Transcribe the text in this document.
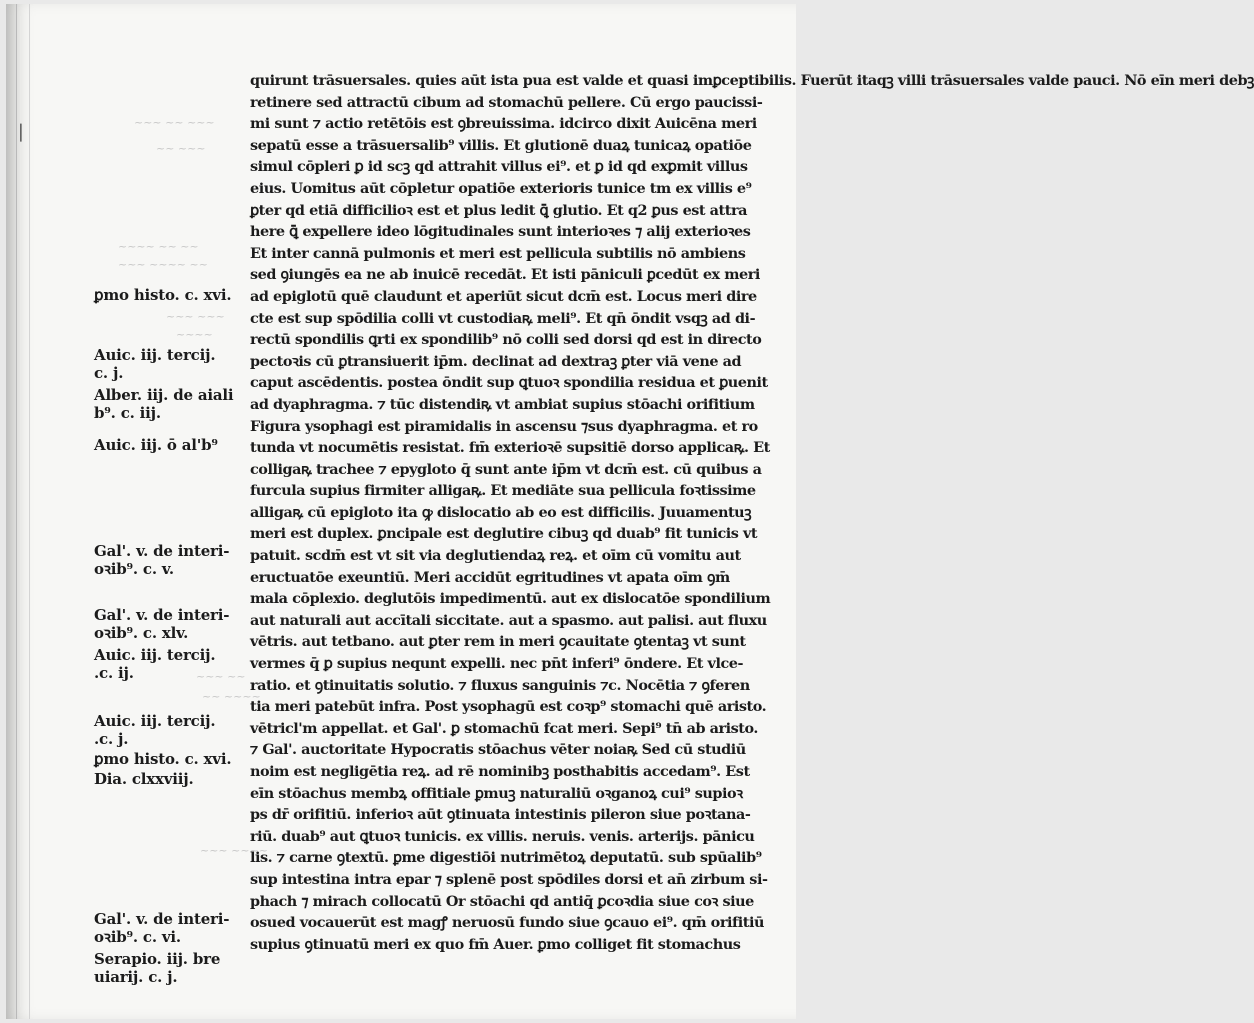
⎸	~~~ ~~ ~~~
~~ ~~~
~~~~ ~~ ~~
~~~ ~~~~ ~~
~~~ ~~~
~~~~
~~~ ~~
~~ ~~~~
~~~ ~~~~
ꝑmo histo. c. xvi.
Auic. iij. tercij.
c. j.
Alber. iij. de aiali
b⁹. c. iij.
Auic. iij. ō al'b⁹
Gal'. v. de interi-
oꝛib⁹. c. v.
Gal'. v. de interi-
oꝛib⁹. c. xlv.
Auic. iij. tercij.
.c. ij.
Auic. iij. tercij.
.c. j.
ꝑmo histo. c. xvi.
Dia. clxxviij.
Gal'. v. de interi-
oꝛib⁹. c. vi.
Serapio. iij. bre
uiarij. c. j.
quirunt trāsuersales. quies aūt ista pua est valde et quasi imꝑceptibilis. Fuerūt itaqꝫ villi trāsuersales valde pauci. Nō eīn meri debꝫ
retinere sed attractū cibum ad stomachū pellere. Cū ergo paucissi-
mi sunt ⁊ actio retētōis est ꝯbreuissima. idcirco dixit Auicēna meri
sepatū esse a trāsuersalib⁹ villis. Et glutionē duaꝝ tunicaꝝ opatiōe
simul cōpleri ꝑ id scꝫ qd attrahit villus ei⁹. et ꝑ id qd exꝑmit villus
eius. Uomitus aūt cōpletur opatiōe exterioris tunice tm ex villis e⁹
ꝑter qd etiā difficilioꝛ est et plus ledit ꝗ̄ glutio. Et q2 ꝑus est attra
here ꝗ̄ expellere ideo lōgitudinales sunt interioꝛes ⁊ alij exterioꝛes
Et inter cannā pulmonis et meri est pellicula subtilis nō ambiens
sed ꝯiungēs ea ne ab inuicē recedāt. Et isti pāniculi ꝑcedūt ex meri
ad epiglotū quē claudunt et aperiūt sicut dcm̄ est. Locus meri dire
cte est sup spōdilia colli vt custodiaꝶ meli⁹. Et qn̄ ōndit vsqꝫ ad di-
rectū spondilis ꝗrti ex spondilib⁹ nō colli sed dorsi qd est in directo
pectoꝛis cū ꝑtransiuerit ip̄m. declinat ad dextraꝫ ꝑter viā vene ad
caput ascēdentis. postea ōndit sup ꝗtuoꝛ spondilia residua et ꝑuenit
ad dyaphragma. ⁊ tūc distendiꝶ vt ambiat supius stōachi orifitium
Figura ysophagi est piramidalis in ascensu ⁊sus dyaphragma. et ro
tunda vt nocumētis resistat. fm̄ exterioꝛē supsitiē dorso applicaꝶ. Et
colligaꝶ trachee ⁊ epygloto q̄ sunt ante ip̄m vt dcm̄ est. cū quibus a
furcula supius firmiter alligaꝶ. Et mediāte sua pellicula foꝛtissime
alligaꝶ cū epigloto ita ꝙ dislocatio ab eo est difficilis. Juuamentuꝫ
meri est duplex. ꝑncipale est deglutire cibuꝫ qd duab⁹ fit tunicis vt
patuit. scdm̄ est vt sit via deglutiendaꝝ reꝝ. et oīm cū vomitu aut
eructuatōe exeuntiū. Meri accidūt egritudines vt apata oīm ꝯm̄
mala cōplexio. deglutōis impedimentū. aut ex dislocatōe spondilium
aut naturali aut accītali siccitate. aut a spasmo. aut palisi. aut fluxu
vētris. aut tetbano. aut ꝑter rem in meri ꝯcauitate ꝯtentaꝫ vt sunt
vermes q̄ ꝑ supius nequnt expelli. nec pn̄t inferi⁹ ōndere. Et vlce-
ratio. et ꝯtinuitatis solutio. ⁊ fluxus sanguinis ⁊c. Nocētia ⁊ ꝯferen
tia meri patebūt infra. Post ysophagū est coꝛp⁹ stomachi quē aristo.
vētricl'm appellat. et Gal'. ꝑ stomachū fcat meri. Sepi⁹ tn̄ ab aristo.
⁊ Gal'. auctoritate Hypocratis stōachus vēter noiaꝶ Sed cū studiū
noim est negligētia reꝝ. ad rē nominibꝫ posthabitis accedam⁹. Est
eīn stōachus membꝝ offitiale ꝑmuꝫ naturaliū oꝛganoꝝ cui⁹ supioꝛ
ps dr̄ orifitiū. inferioꝛ aūt ꝯtinuata intestinis pileron siue poꝛtana-
riū. duab⁹ aut ꝗtuoꝛ tunicis. ex villis. neruis. venis. arterijs. pānicu
lis. ⁊ carne ꝯtextū. ꝑme digestiōi nutrimētoꝝ deputatū. sub spūalib⁹
sup intestina intra epar ⁊ splenē post spōdiles dorsi et an̄ zirbum si-
phach ⁊ mirach collocatū Or stōachi qd antiq̄ ꝑcoꝛdia siue coꝛ siue
osued vocauerūt est magꝭ neruosū fundo siue ꝯcauo ei⁹. qm̄ orifitiū
supius ꝯtinuatū meri ex quo fm̄ Auer. ꝑmo colliget fit stomachus
